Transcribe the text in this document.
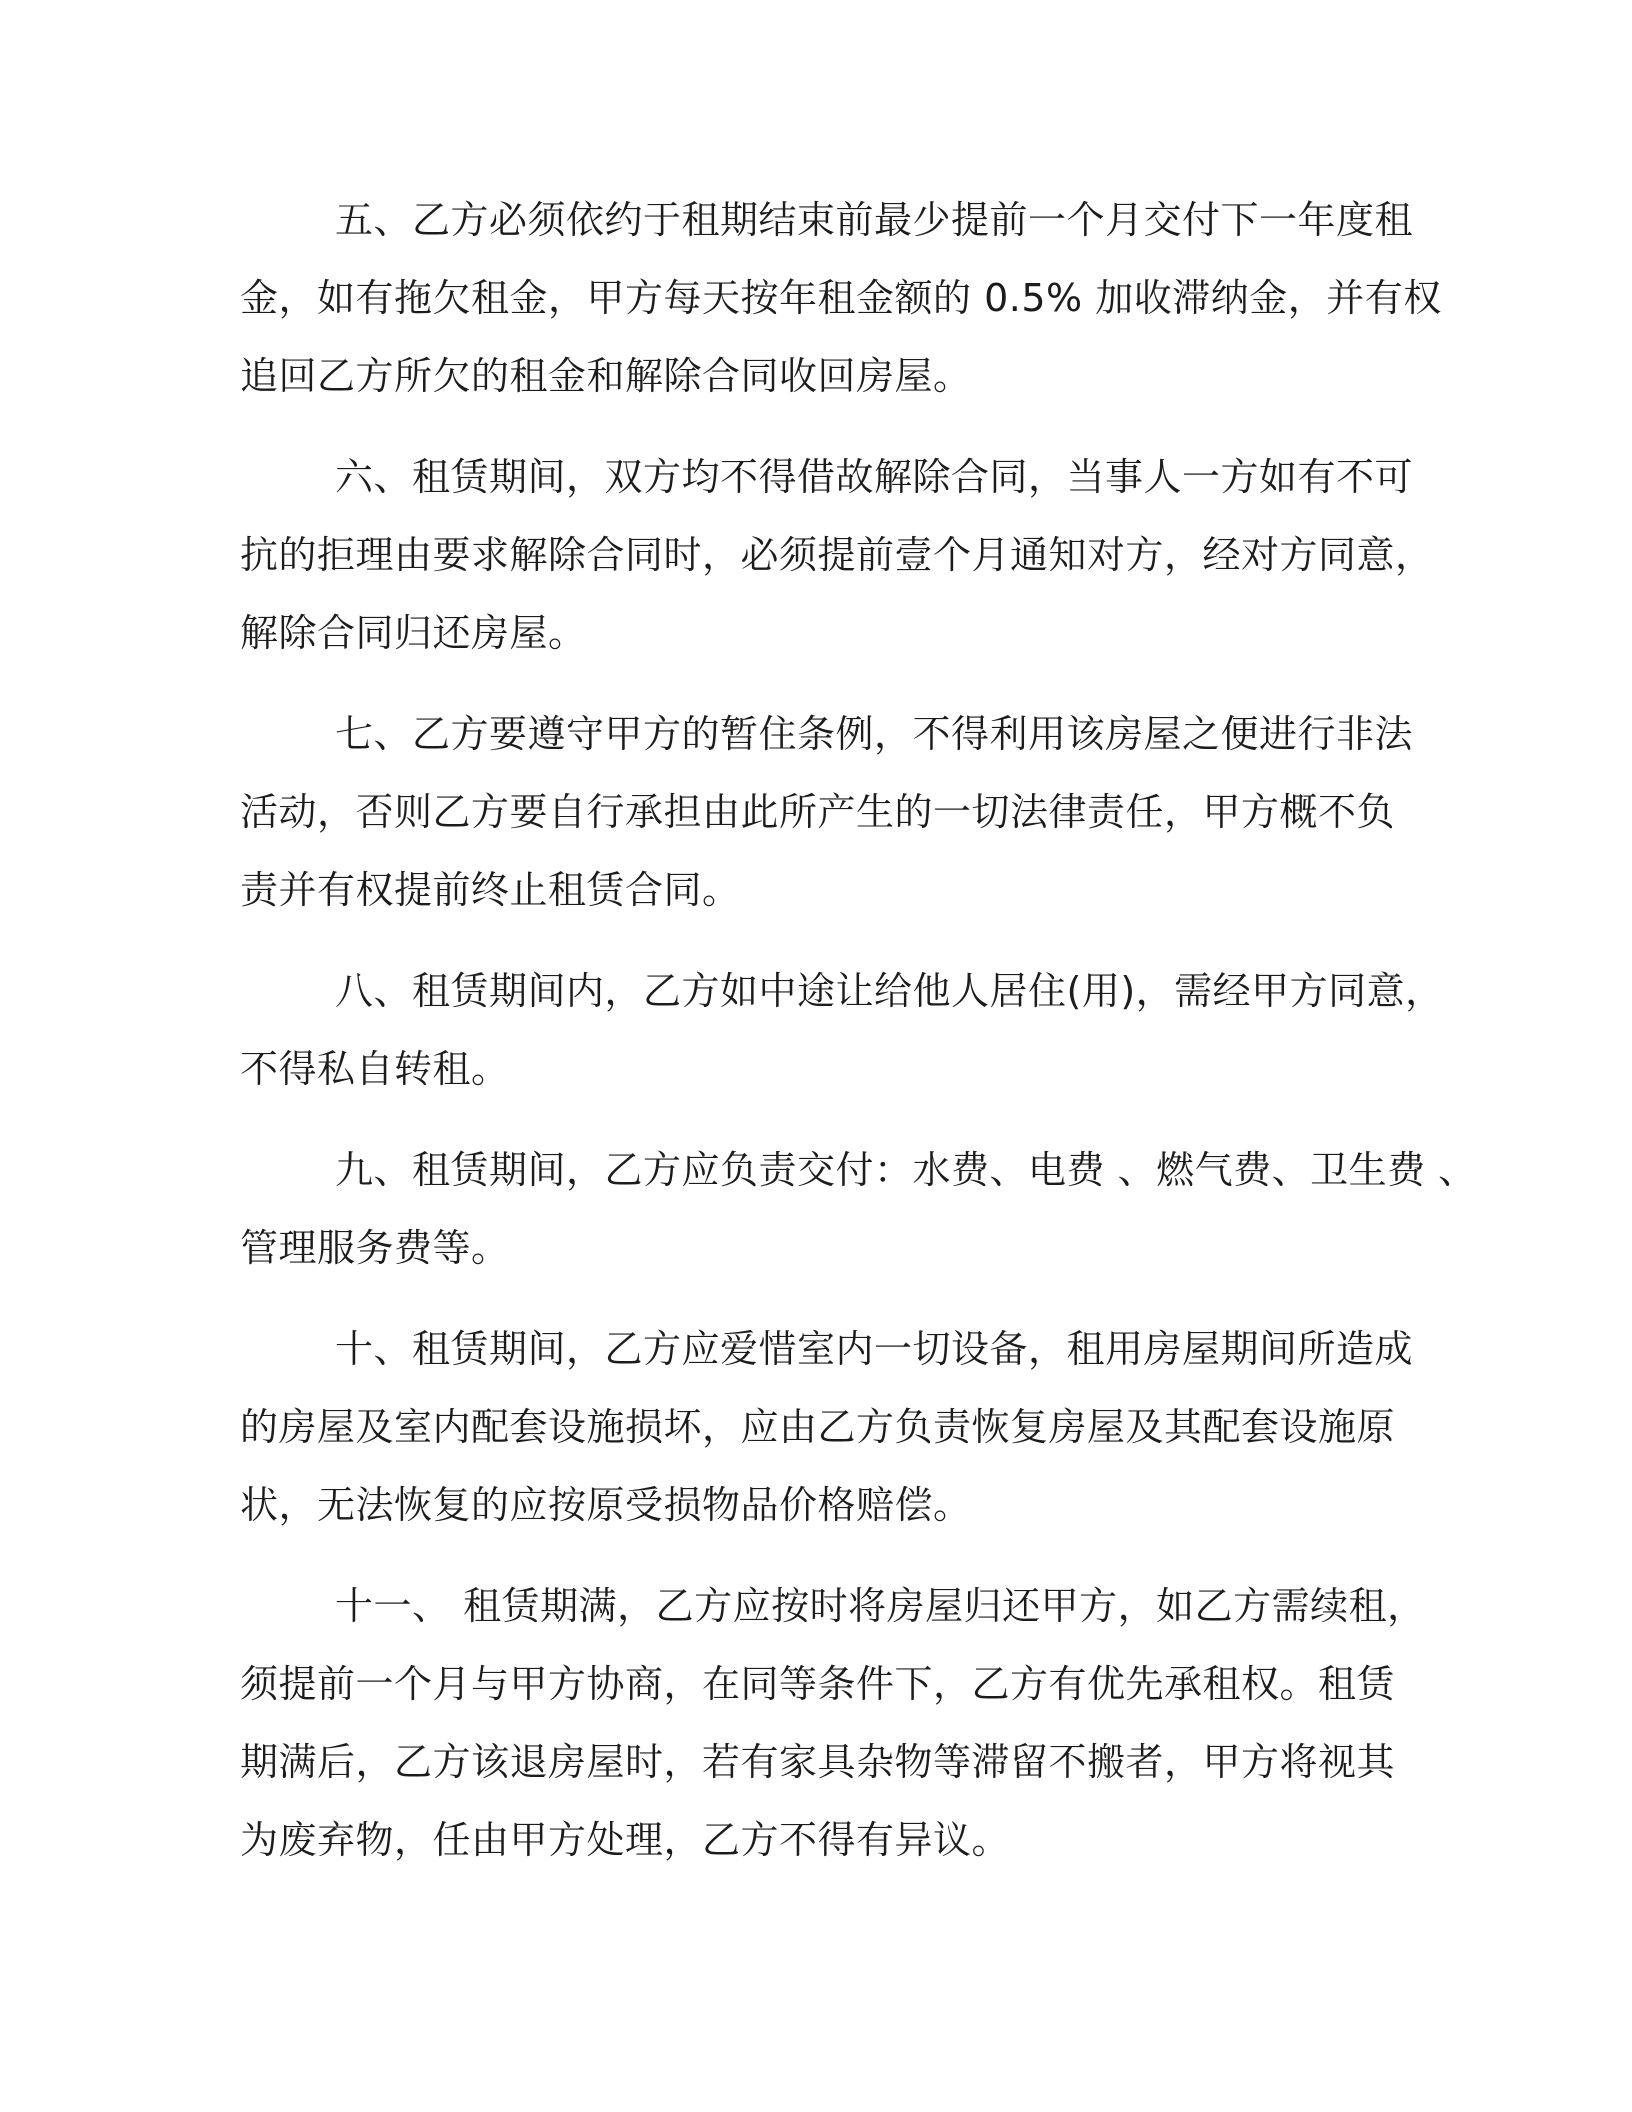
五、乙方必须依约于租期结束前最少提前一个月交付下一年度租
金，如有拖欠租金，甲方每天按年租金额的 0.5% 加收滞纳金，并有权
追回乙方所欠的租金和解除合同收回房屋。
六、租赁期间，双方均不得借故解除合同，当事人一方如有不可
抗的拒理由要求解除合同时，必须提前壹个月通知对方，经对方同意，
解除合同归还房屋。
七、乙方要遵守甲方的暂住条例，不得利用该房屋之便进行非法
活动，否则乙方要自行承担由此所产生的一切法律责任，甲方概不负
责并有权提前终止租赁合同。
八、租赁期间内，乙方如中途让给他人居住(用)，需经甲方同意，
不得私自转租。
九、租赁期间，乙方应负责交付：水费、电费 、燃气费、卫生费 、
管理服务费等。
十、租赁期间，乙方应爱惜室内一切设备，租用房屋期间所造成
的房屋及室内配套设施损坏，应由乙方负责恢复房屋及其配套设施原
状，无法恢复的应按原受损物品价格赔偿。
十一、 租赁期满，乙方应按时将房屋归还甲方，如乙方需续租，
须提前一个月与甲方协商，在同等条件下，乙方有优先承租权。租赁
期满后，乙方该退房屋时，若有家具杂物等滞留不搬者，甲方将视其
为废弃物，任由甲方处理，乙方不得有异议。
